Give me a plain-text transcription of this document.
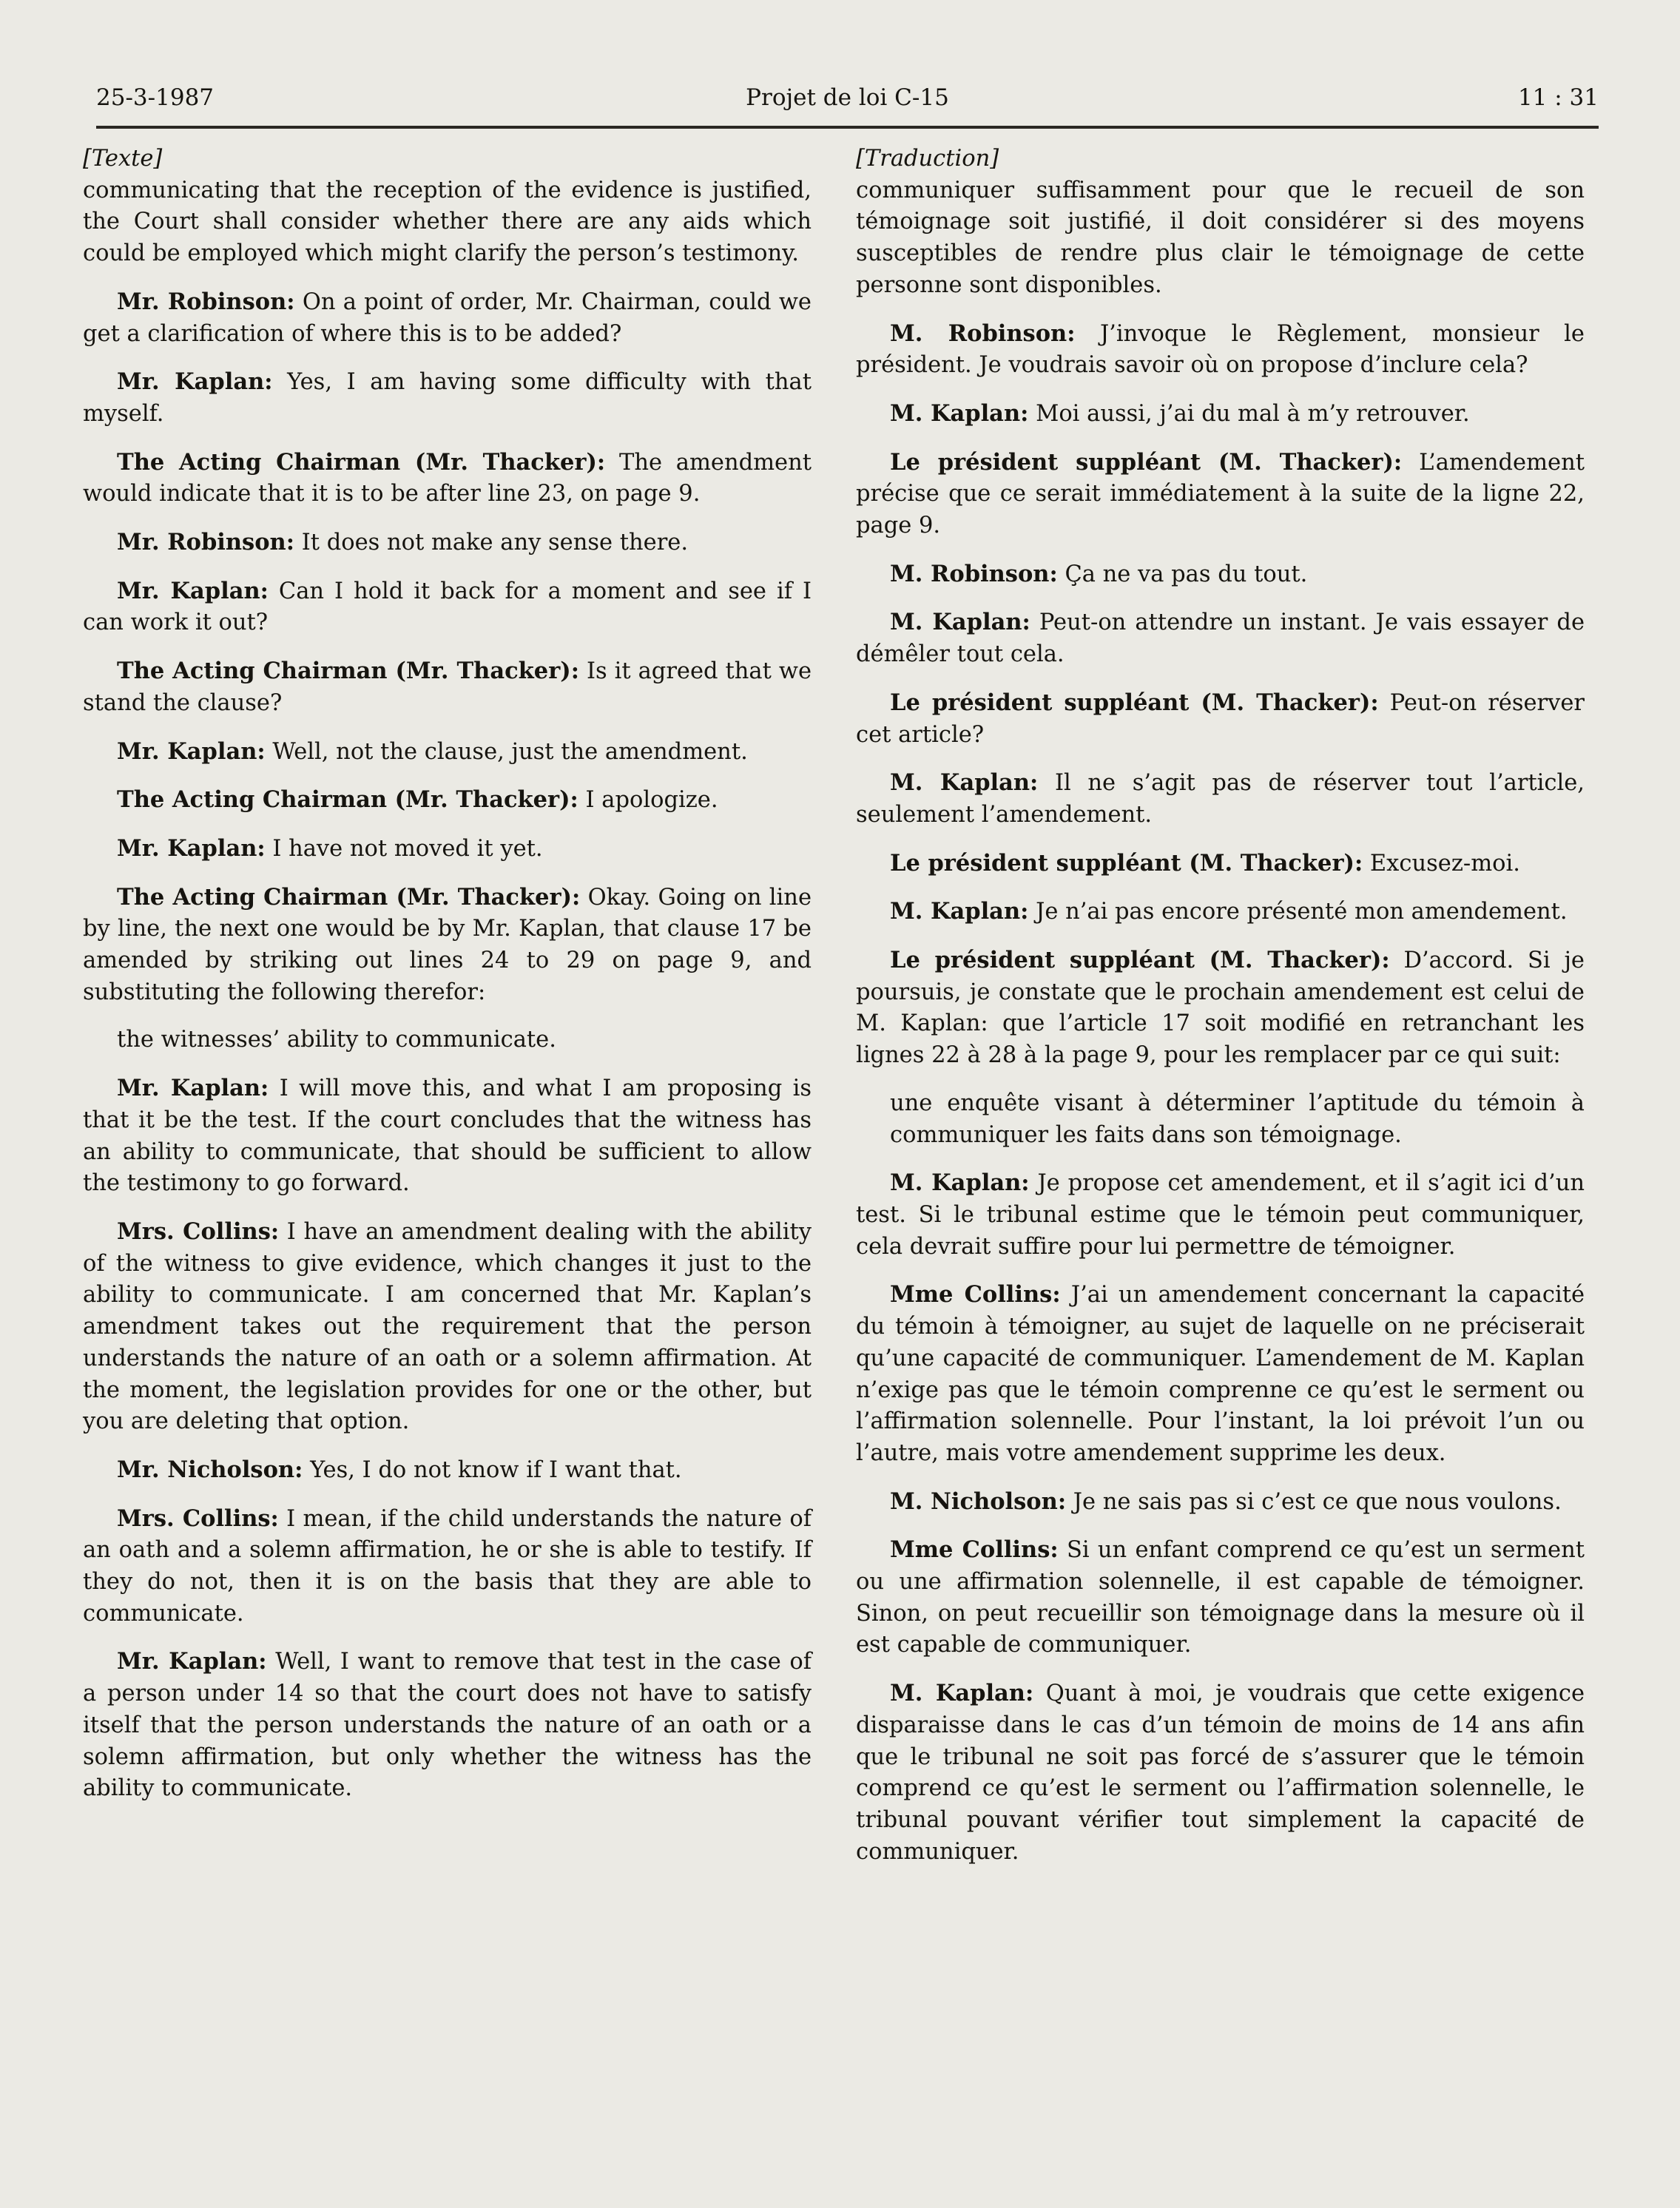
25-3-1987	Projet de loi C-15	11 : 31
[Texte]

communicating that the reception of the evidence is justified, the Court shall consider whether there are any aids which could be employed which might clarify the person’s testimony.

Mr. Robinson: On a point of order, Mr. Chairman, could we get a clarification of where this is to be added?

Mr. Kaplan: Yes, I am having some difficulty with that myself.

The Acting Chairman (Mr. Thacker): The amendment would indicate that it is to be after line 23, on page 9.

Mr. Robinson: It does not make any sense there.

Mr. Kaplan: Can I hold it back for a moment and see if I can work it out?

The Acting Chairman (Mr. Thacker): Is it agreed that we stand the clause?

Mr. Kaplan: Well, not the clause, just the amendment.

The Acting Chairman (Mr. Thacker): I apologize.

Mr. Kaplan: I have not moved it yet.

The Acting Chairman (Mr. Thacker): Okay. Going on line by line, the next one would be by Mr. Kaplan, that clause 17 be amended by striking out lines 24 to 29 on page 9, and substituting the following therefor:

the witnesses’ ability to communicate.

Mr. Kaplan: I will move this, and what I am proposing is that it be the test. If the court concludes that the witness has an ability to communicate, that should be sufficient to allow the testimony to go forward.

Mrs. Collins: I have an amendment dealing with the ability of the witness to give evidence, which changes it just to the ability to communicate. I am concerned that Mr. Kaplan’s amendment takes out the requirement that the person understands the nature of an oath or a solemn affirmation. At the moment, the legislation provides for one or the other, but you are deleting that option.

Mr. Nicholson: Yes, I do not know if I want that.

Mrs. Collins: I mean, if the child understands the nature of an oath and a solemn affirmation, he or she is able to testify. If they do not, then it is on the basis that they are able to communicate.

Mr. Kaplan: Well, I want to remove that test in the case of a person under 14 so that the court does not have to satisfy itself that the person understands the nature of an oath or a solemn affirmation, but only whether the witness has the ability to communicate.

[Traduction]

communiquer suffisamment pour que le recueil de son témoignage soit justifié, il doit considérer si des moyens susceptibles de rendre plus clair le témoignage de cette personne sont disponibles.

M. Robinson: J’invoque le Règlement, monsieur le président. Je voudrais savoir où on propose d’inclure cela?

M. Kaplan: Moi aussi, j’ai du mal à m’y retrouver.

Le président suppléant (M. Thacker): L’amendement précise que ce serait immédiatement à la suite de la ligne 22, page 9.

M. Robinson: Ça ne va pas du tout.

M. Kaplan: Peut-on attendre un instant. Je vais essayer de démêler tout cela.

Le président suppléant (M. Thacker): Peut-on réserver cet article?

M. Kaplan: Il ne s’agit pas de réserver tout l’article, seulement l’amendement.

Le président suppléant (M. Thacker): Excusez-moi.

M. Kaplan: Je n’ai pas encore présenté mon amendement.

Le président suppléant (M. Thacker): D’accord. Si je poursuis, je constate que le prochain amendement est celui de M. Kaplan: que l’article 17 soit modifié en retranchant les lignes 22 à 28 à la page 9, pour les remplacer par ce qui suit:

une enquête visant à déterminer l’aptitude du témoin à communiquer les faits dans son témoignage.

M. Kaplan: Je propose cet amendement, et il s’agit ici d’un test. Si le tribunal estime que le témoin peut communiquer, cela devrait suffire pour lui permettre de témoigner.

Mme Collins: J’ai un amendement concernant la capacité du témoin à témoigner, au sujet de laquelle on ne préciserait qu’une capacité de communiquer. L’amendement de M. Kaplan n’exige pas que le témoin comprenne ce qu’est le serment ou l’affirmation solennelle. Pour l’instant, la loi prévoit l’un ou l’autre, mais votre amendement supprime les deux.

M. Nicholson: Je ne sais pas si c’est ce que nous voulons.

Mme Collins: Si un enfant comprend ce qu’est un serment ou une affirmation solennelle, il est capable de témoigner. Sinon, on peut recueillir son témoignage dans la mesure où il est capable de communiquer.

M. Kaplan: Quant à moi, je voudrais que cette exigence disparaisse dans le cas d’un témoin de moins de 14 ans afin que le tribunal ne soit pas forcé de s’assurer que le témoin comprend ce qu’est le serment ou l’affirmation solennelle, le tribunal pouvant vérifier tout simplement la capacité de communiquer.
